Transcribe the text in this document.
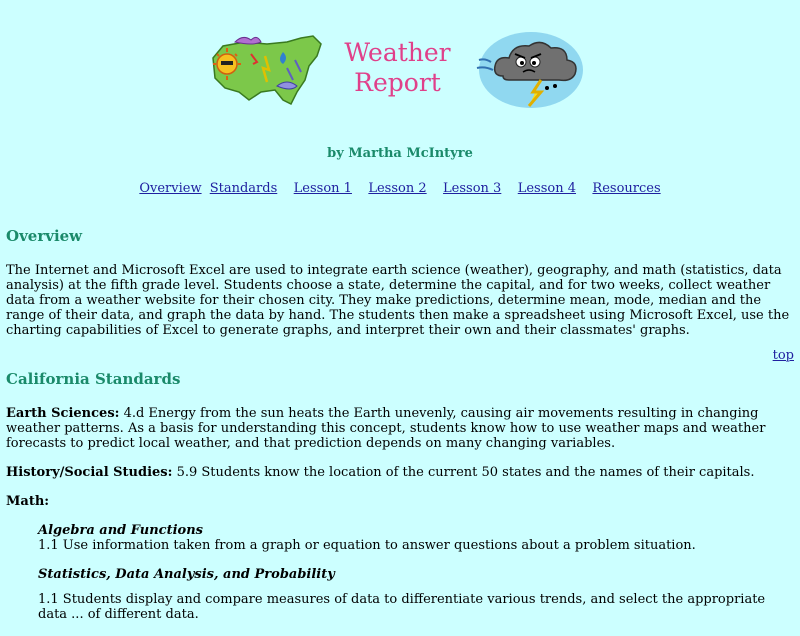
Weather
Report
by Martha McIntyre
Overview Standards Lesson 1 Lesson 2 Lesson 3 Lesson 4 Resources
Overview

The Internet and Microsoft Excel are used to integrate earth science (weather), geography, and math (statistics, data analysis) at the fifth grade level. Students choose a state, determine the capital, and for two weeks, collect weather data from a weather website for their chosen city. They make predictions, determine mean, mode, median and the range of their data, and graph the data by hand. The students then make a spreadsheet using Microsoft Excel, use the charting capabilities of Excel to generate graphs, and interpret their own and their classmates' graphs.

top
California Standards

Earth Sciences: 4.d Energy from the sun heats the Earth unevenly, causing air movements resulting in changing weather patterns. As a basis for understanding this concept, students know how to use weather maps and weather forecasts to predict local weather, and that prediction depends on many changing variables.

History/Social Studies: 5.9 Students know the location of the current 50 states and the names of their capitals.

Math:

Algebra and Functions
1.1 Use information taken from a graph or equation to answer questions about a problem situation.
Statistics, Data Analysis, and Probability
1.1 Students display and compare measures of data to differentiate various trends, and select the appropriate data ... of different data.
